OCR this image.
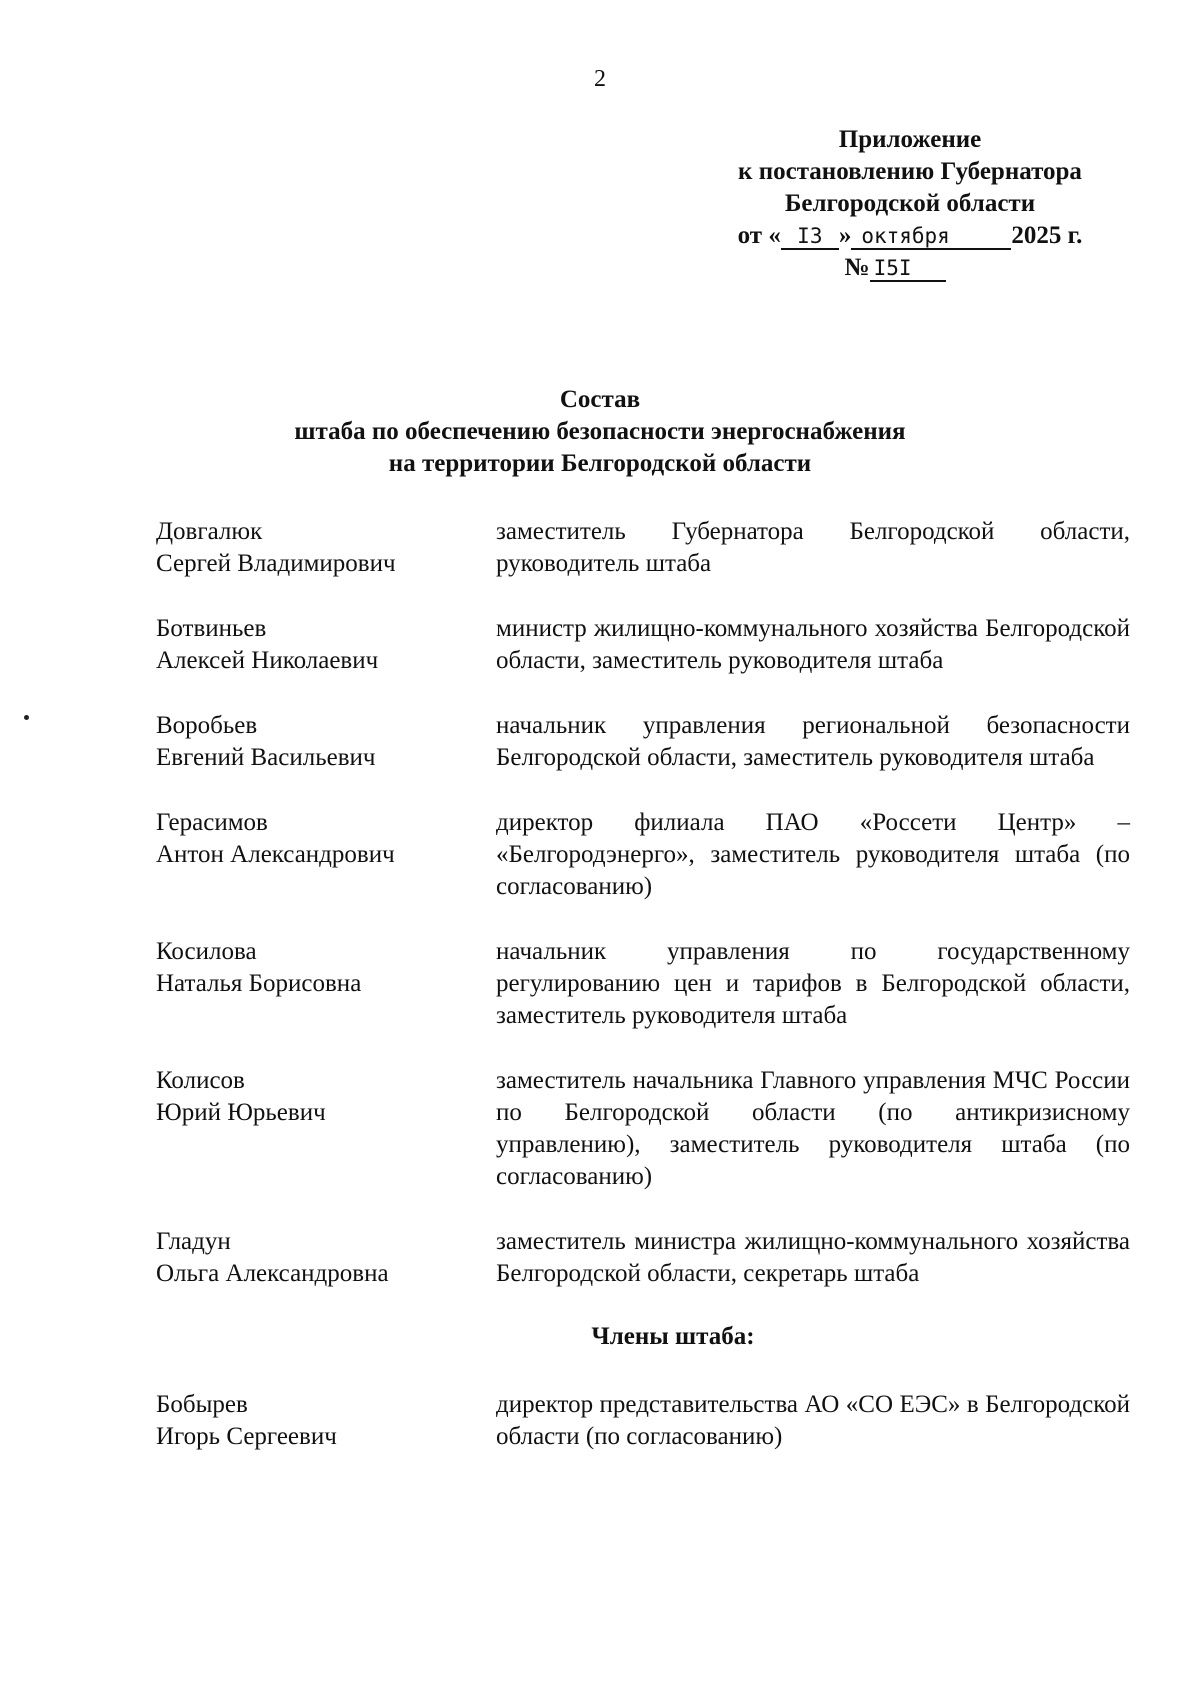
2
Приложение
к постановлению Губернатора
Белгородской области
от « I3 » октября 2025 г.
№ I5I
Состав
штаба по обеспечению безопасности энергоснабжения
на территории Белгородской области
Довгалюк
Сергей Владимирович
заместитель Губернатора Белгородской области, руководитель штаба
Ботвиньев
Алексей Николаевич
министр жилищно-коммунального хозяйства Белгородской области, заместитель руководителя штаба
Воробьев
Евгений Васильевич
начальник управления региональной безопасности Белгородской области, заместитель руководителя штаба
Герасимов
Антон Александрович
директор филиала ПАО «Россети Центр» – «Белгородэнерго», заместитель руководителя штаба (по согласованию)
Косилова
Наталья Борисовна
начальник управления по государственному регулированию цен и тарифов в Белгородской области, заместитель руководителя штаба
Колисов
Юрий Юрьевич
заместитель начальника Главного управления МЧС России по Белгородской области (по антикризисному управлению), заместитель руководителя штаба (по согласованию)
Гладун
Ольга Александровна
заместитель министра жилищно-коммунального хозяйства Белгородской области, секретарь штаба
Члены штаба:
Бобырев
Игорь Сергеевич
директор представительства АО «СО ЕЭС» в Белгородской области (по согласованию)
